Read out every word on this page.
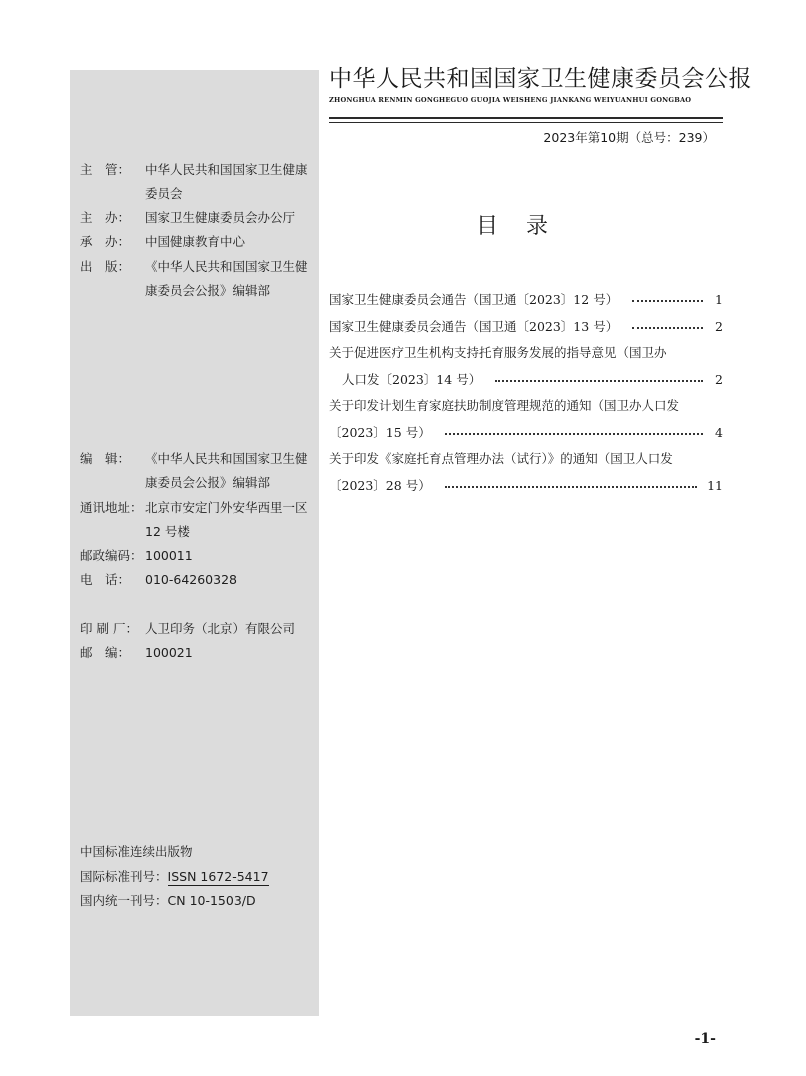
中华人民共和国国家卫生健康委员会公报
ZHONGHUA RENMIN GONGHEGUO GUOJIA WEISHENG JIANKANG WEIYUANHUI GONGBAO
2023年第10期（总号：239）
主　管： 中华人民共和国国家卫生健康委员会
主　办： 国家卫生健康委员会办公厅
承　办： 中国健康教育中心
出　版： 《中华人民共和国国家卫生健康委员会公报》编辑部
编　辑： 《中华人民共和国国家卫生健康委员会公报》编辑部
通讯地址： 北京市安定门外安华西里一区 12 号楼
邮政编码： 100011
电　话： 010-64260328
印 刷 厂： 人卫印务（北京）有限公司
邮　编： 100021
中国标准连续出版物
国际标准刊号：ISSN 1672-5417
国内统一刊号：CN 10-1503/D
目录
国家卫生健康委员会通告（国卫通〔2023〕12 号）	1
国家卫生健康委员会通告（国卫通〔2023〕13 号）	2
关于促进医疗卫生机构支持托育服务发展的指导意见（国卫办
人口发〔2023〕14 号）	2
关于印发计划生育家庭扶助制度管理规范的通知（国卫办人口发
〔2023〕15 号）	4
关于印发《家庭托育点管理办法（试行）》的通知（国卫人口发
〔2023〕28 号）	11
-1-
